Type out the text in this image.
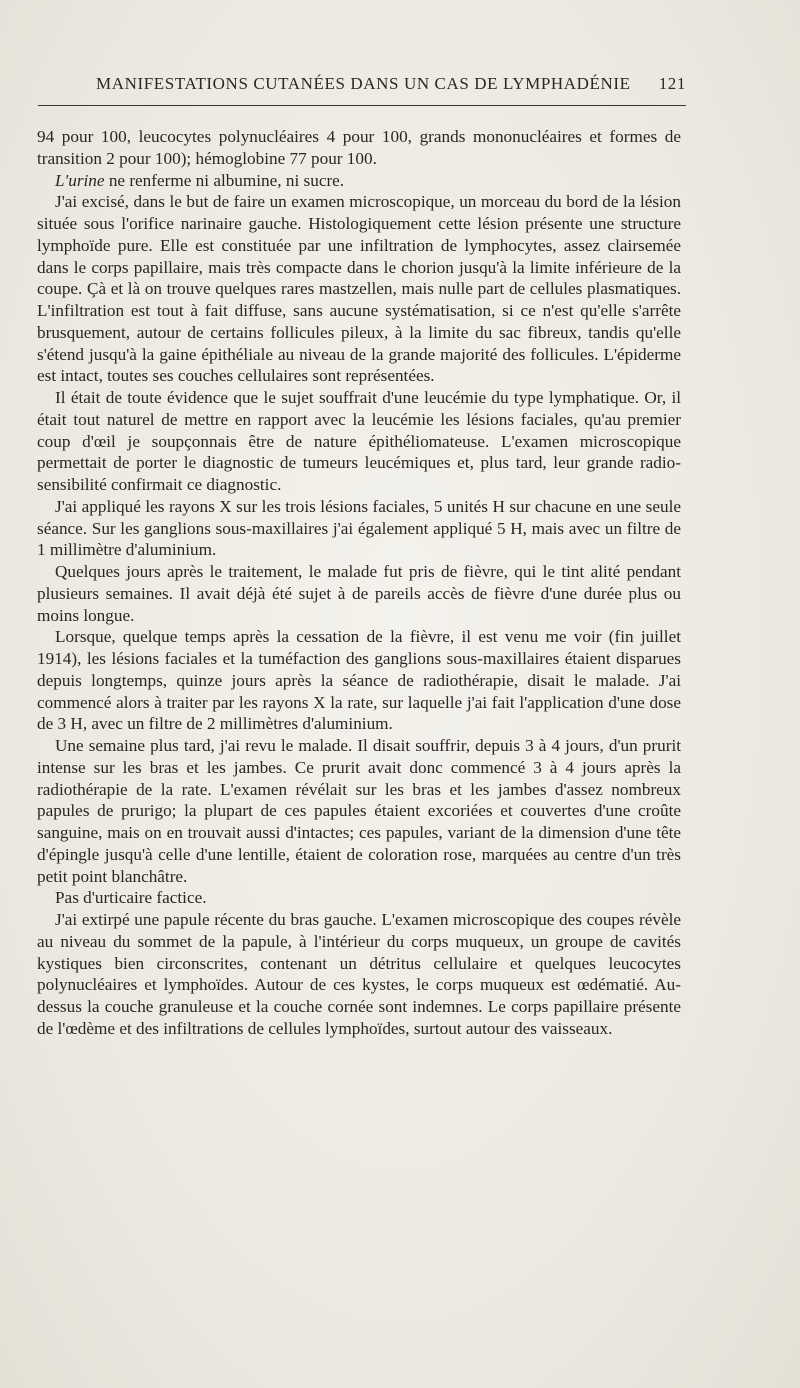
MANIFESTATIONS CUTANÉES DANS UN CAS DE LYMPHADÉNIE 121

94 pour 100, leucocytes polynucléaires 4 pour 100, grands mononucléaires et formes de transition 2 pour 100); hémoglobine 77 pour 100.

L'urine ne renferme ni albumine, ni sucre.

J'ai excisé, dans le but de faire un examen microscopique, un morceau du bord de la lésion située sous l'orifice narinaire gauche. Histologiquement cette lésion présente une structure lymphoïde pure. Elle est constituée par une infiltration de lymphocytes, assez clairsemée dans le corps papillaire, mais très compacte dans le chorion jusqu'à la limite inférieure de la coupe. Çà et là on trouve quelques rares mastzellen, mais nulle part de cellules plasmatiques. L'infiltration est tout à fait diffuse, sans aucune systématisation, si ce n'est qu'elle s'arrête brusquement, autour de certains follicules pileux, à la limite du sac fibreux, tandis qu'elle s'étend jusqu'à la gaine épithéliale au niveau de la grande majorité des follicules. L'épiderme est intact, toutes ses couches cellulaires sont représentées.

Il était de toute évidence que le sujet souffrait d'une leucémie du type lymphatique. Or, il était tout naturel de mettre en rapport avec la leucémie les lésions faciales, qu'au premier coup d'œil je soupçonnais être de nature épithéliomateuse. L'examen microscopique permettait de porter le diagnostic de tumeurs leucémiques et, plus tard, leur grande radio-sensibilité confirmait ce diagnostic.

J'ai appliqué les rayons X sur les trois lésions faciales, 5 unités H sur chacune en une seule séance. Sur les ganglions sous-maxillaires j'ai également appliqué 5 H, mais avec un filtre de 1 millimètre d'aluminium.

Quelques jours après le traitement, le malade fut pris de fièvre, qui le tint alité pendant plusieurs semaines. Il avait déjà été sujet à de pareils accès de fièvre d'une durée plus ou moins longue.

Lorsque, quelque temps après la cessation de la fièvre, il est venu me voir (fin juillet 1914), les lésions faciales et la tuméfaction des ganglions sous-maxillaires étaient disparues depuis longtemps, quinze jours après la séance de radiothérapie, disait le malade. J'ai commencé alors à traiter par les rayons X la rate, sur laquelle j'ai fait l'application d'une dose de 3 H, avec un filtre de 2 millimètres d'aluminium.

Une semaine plus tard, j'ai revu le malade. Il disait souffrir, depuis 3 à 4 jours, d'un prurit intense sur les bras et les jambes. Ce prurit avait donc commencé 3 à 4 jours après la radiothérapie de la rate. L'examen révélait sur les bras et les jambes d'assez nombreux papules de prurigo; la plupart de ces papules étaient excoriées et couvertes d'une croûte sanguine, mais on en trouvait aussi d'intactes; ces papules, variant de la dimension d'une tête d'épingle jusqu'à celle d'une lentille, étaient de coloration rose, marquées au centre d'un très petit point blanchâtre.

Pas d'urticaire factice.

J'ai extirpé une papule récente du bras gauche. L'examen microscopique des coupes révèle au niveau du sommet de la papule, à l'intérieur du corps muqueux, un groupe de cavités kystiques bien circonscrites, contenant un détritus cellulaire et quelques leucocytes polynucléaires et lymphoïdes. Autour de ces kystes, le corps muqueux est œdématié. Au-dessus la couche granuleuse et la couche cornée sont indemnes. Le corps papillaire présente de l'œdème et des infiltrations de cellules lymphoïdes, surtout autour des vaisseaux.
